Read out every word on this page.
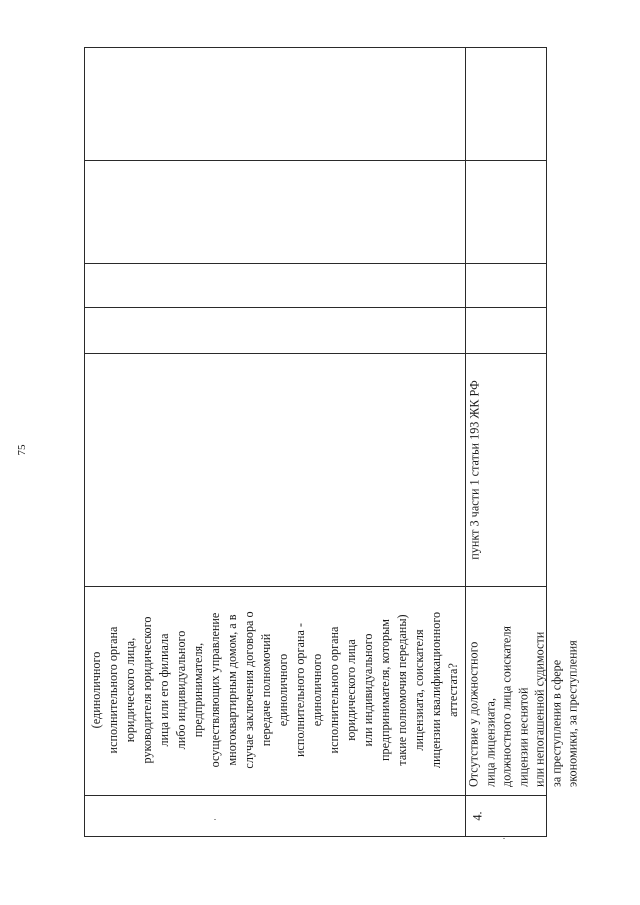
75
(единоличного исполнительного органа юридического лица, руководителя юридического лица или его филиала либо индивидуального предпринимателя, осуществляющих управление многоквартирным домом, а в случае заключения договора о передаче полномочий единоличного исполнительного органа - единоличного исполнительного органа юридического лица или индивидуального предпринимателя, которым такие полномочия переданы) лицензиата, соискателя лицензии квалификационного аттестата?
4.
Отсутствие у должностного лица лицензиата, должностного лица соискателя лицензии неснятой или непогашенной судимости за преступления в сфере экономики, за преступления
пункт 3 части 1 статьи 193 ЖК РФ
